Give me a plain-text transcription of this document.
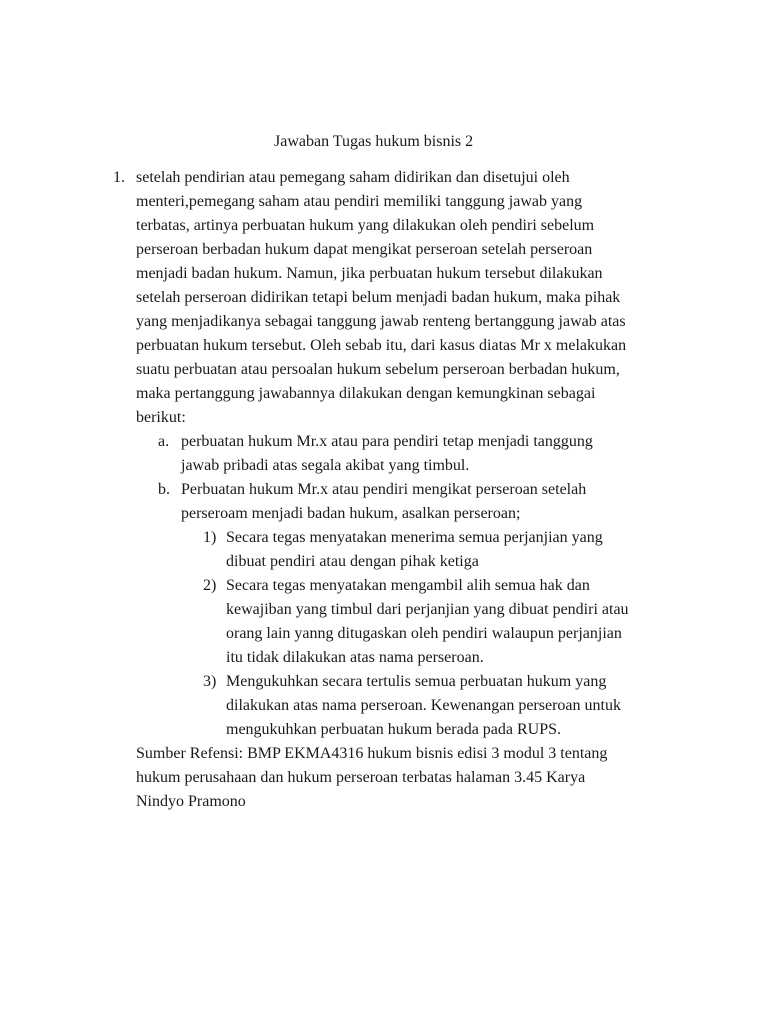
Jawaban Tugas hukum bisnis 2
1. setelah pendirian atau pemegang saham didirikan dan disetujui oleh

menteri,pemegang saham atau pendiri memiliki tanggung jawab yang

terbatas, artinya perbuatan hukum yang dilakukan oleh pendiri sebelum

perseroan berbadan hukum dapat mengikat perseroan setelah perseroan

menjadi badan hukum. Namun, jika perbuatan hukum tersebut dilakukan

setelah perseroan didirikan tetapi belum menjadi badan hukum, maka pihak

yang menjadikanya sebagai tanggung jawab renteng bertanggung jawab atas

perbuatan hukum tersebut. Oleh sebab itu, dari kasus diatas Mr x melakukan

suatu perbuatan atau persoalan hukum sebelum perseroan berbadan hukum,

maka pertanggung jawabannya dilakukan dengan kemungkinan sebagai

berikut:

a. perbuatan hukum Mr.x atau para pendiri tetap menjadi tanggung

jawab pribadi atas segala akibat yang timbul.

b. Perbuatan hukum Mr.x atau pendiri mengikat perseroan setelah

perseroam menjadi badan hukum, asalkan perseroan;

1) Secara tegas menyatakan menerima semua perjanjian yang

dibuat pendiri atau dengan pihak ketiga

2) Secara tegas menyatakan mengambil alih semua hak dan

kewajiban yang timbul dari perjanjian yang dibuat pendiri atau

orang lain yanng ditugaskan oleh pendiri walaupun perjanjian

itu tidak dilakukan atas nama perseroan.

3) Mengukuhkan secara tertulis semua perbuatan hukum yang

dilakukan atas nama perseroan. Kewenangan perseroan untuk

mengukuhkan perbuatan hukum berada pada RUPS.

Sumber Refensi: BMP EKMA4316 hukum bisnis edisi 3 modul 3 tentang

hukum perusahaan dan hukum perseroan terbatas halaman 3.45 Karya

Nindyo Pramono
